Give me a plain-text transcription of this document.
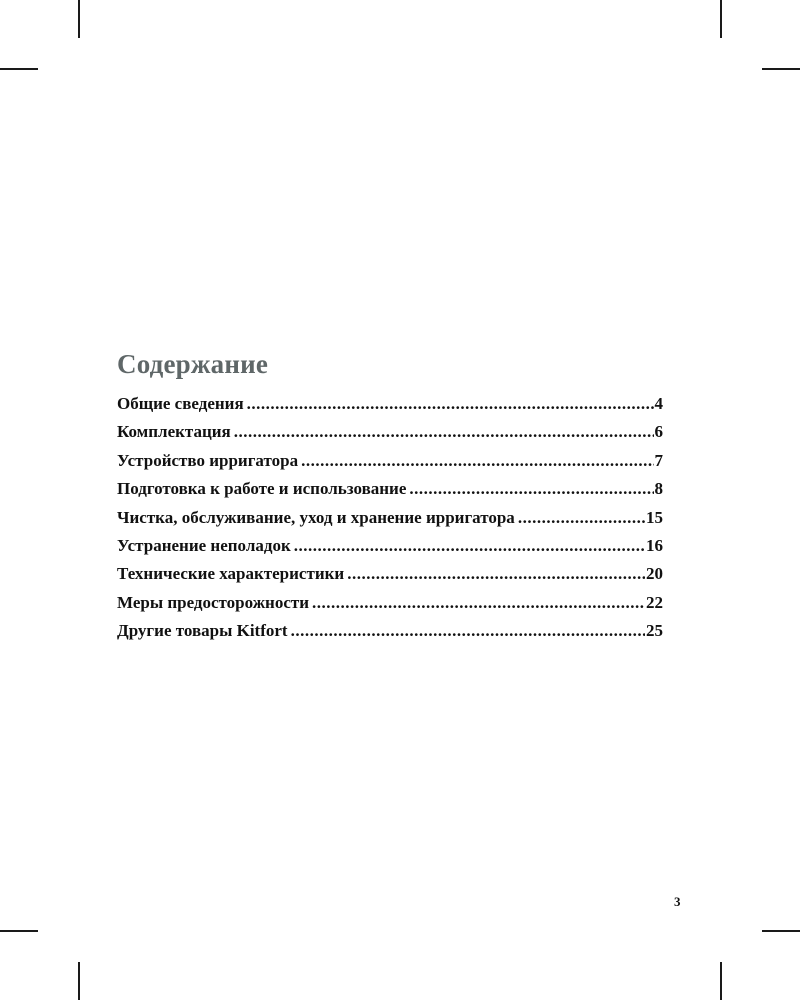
Содержание
Общие сведения .....	4
Комплектация .....	6
Устройство ирригатора .....	7
Подготовка к работе и использование .....	8
Чистка, обслуживание, уход и хранение ирригатора .....	15
Устранение неполадок .....	16
Технические характеристики .....	20
Меры предосторожности .....	22
Другие товары Kitfort .....	25
3
